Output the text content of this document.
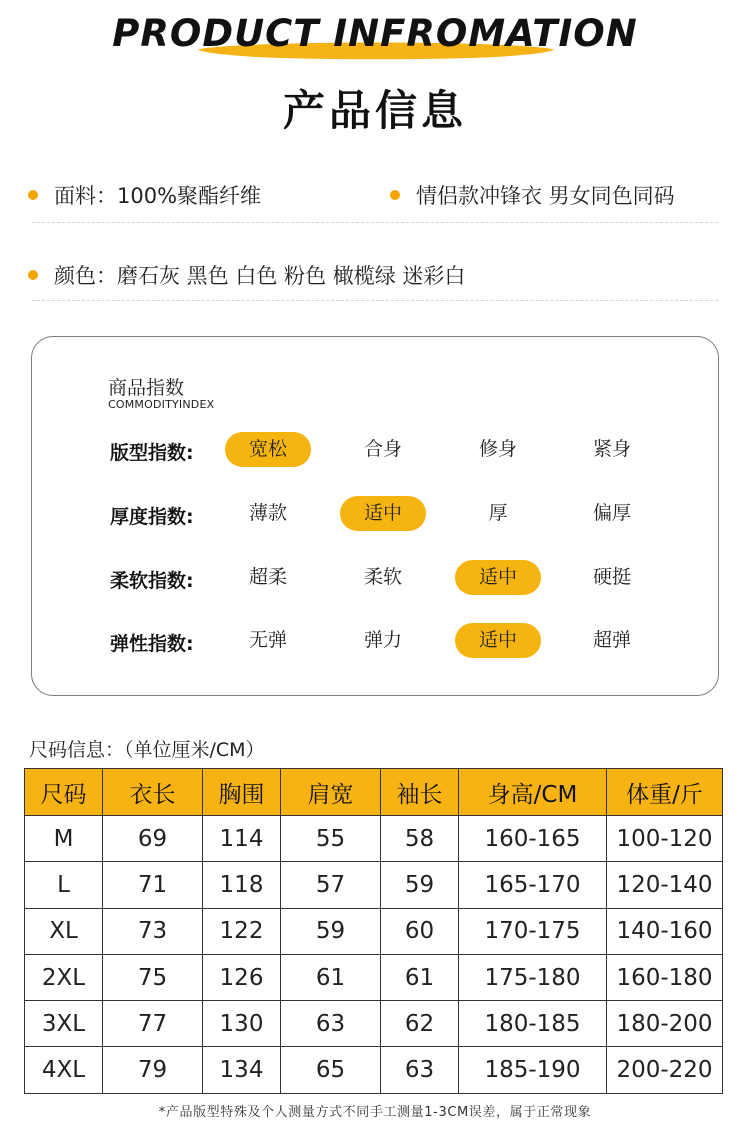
PRODUCT INFROMATION
产品信息
面料：100%聚酯纤维	情侣款冲锋衣 男女同色同码
颜色：磨石灰 黑色 白色 粉色 橄榄绿 迷彩白
商品指数
COMMODITYINDEX
版型指数:	宽松	合身	修身	紧身
厚度指数:	薄款	适中	厚	偏厚
柔软指数:	超柔	柔软	适中	硬挺
弹性指数:	无弹	弹力	适中	超弹
尺码信息：（单位厘米/CM）
尺码	衣长	胸围	肩宽	袖长	身高/CM	体重/斤
M	69	114	55	58	160-165	100-120
L	71	118	57	59	165-170	120-140
XL	73	122	59	60	170-175	140-160
2XL	75	126	61	61	175-180	160-180
3XL	77	130	63	62	180-185	180-200
4XL	79	134	65	63	185-190	200-220
*产品版型特殊及个人测量方式不同手工测量1-3CM误差，属于正常现象
